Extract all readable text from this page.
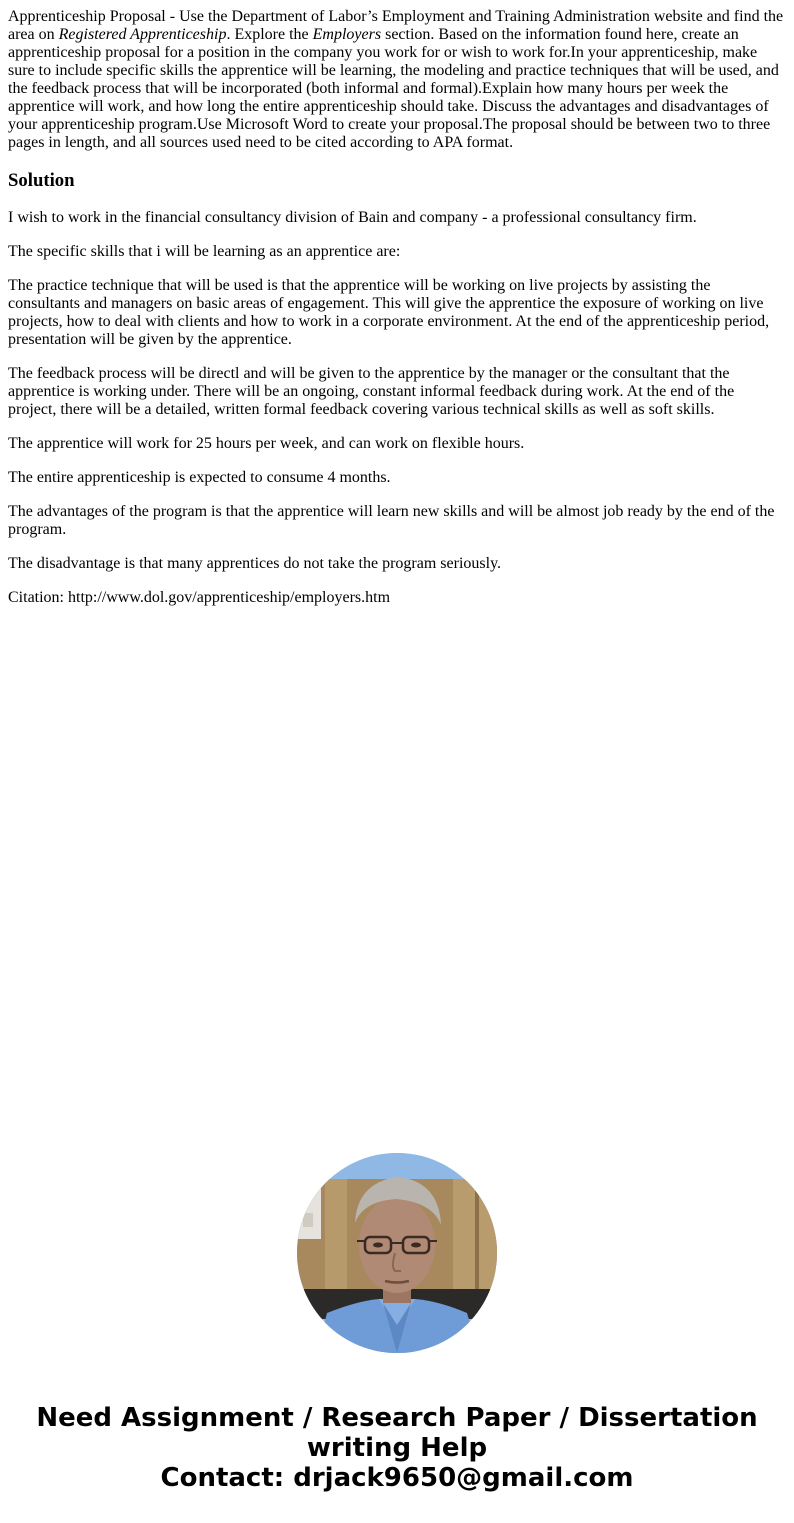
Apprenticeship Proposal - Use the Department of Labor’s Employment and Training Administration website and find the area on Registered Apprenticeship. Explore the Employers section. Based on the information found here, create an apprenticeship proposal for a position in the company you work for or wish to work for.In your apprenticeship, make sure to include specific skills the apprentice will be learning, the modeling and practice techniques that will be used, and the feedback process that will be incorporated (both informal and formal).Explain how many hours per week the apprentice will work, and how long the entire apprenticeship should take. Discuss the advantages and disadvantages of your apprenticeship program.Use Microsoft Word to create your proposal.The proposal should be between two to three pages in length, and all sources used need to be cited according to APA format.

Solution

I wish to work in the financial consultancy division of Bain and company - a professional consultancy firm.

The specific skills that i will be learning as an apprentice are:

The practice technique that will be used is that the apprentice will be working on live projects by assisting the consultants and managers on basic areas of engagement. This will give the apprentice the exposure of working on live projects, how to deal with clients and how to work in a corporate environment. At the end of the apprenticeship period, presentation will be given by the apprentice.

The feedback process will be directl and will be given to the apprentice by the manager or the consultant that the apprentice is working under. There will be an ongoing, constant informal feedback during work. At the end of the project, there will be a detailed, written formal feedback covering various technical skills as well as soft skills.

The apprentice will work for 25 hours per week, and can work on flexible hours.

The entire apprenticeship is expected to consume 4 months.

The advantages of the program is that the apprentice will learn new skills and will be almost job ready by the end of the program.

The disadvantage is that many apprentices do not take the program seriously.

Citation: http://www.dol.gov/apprenticeship/employers.htm

Need Assignment / Research Paper / Dissertation
writing Help
Contact: drjack9650@gmail.com
